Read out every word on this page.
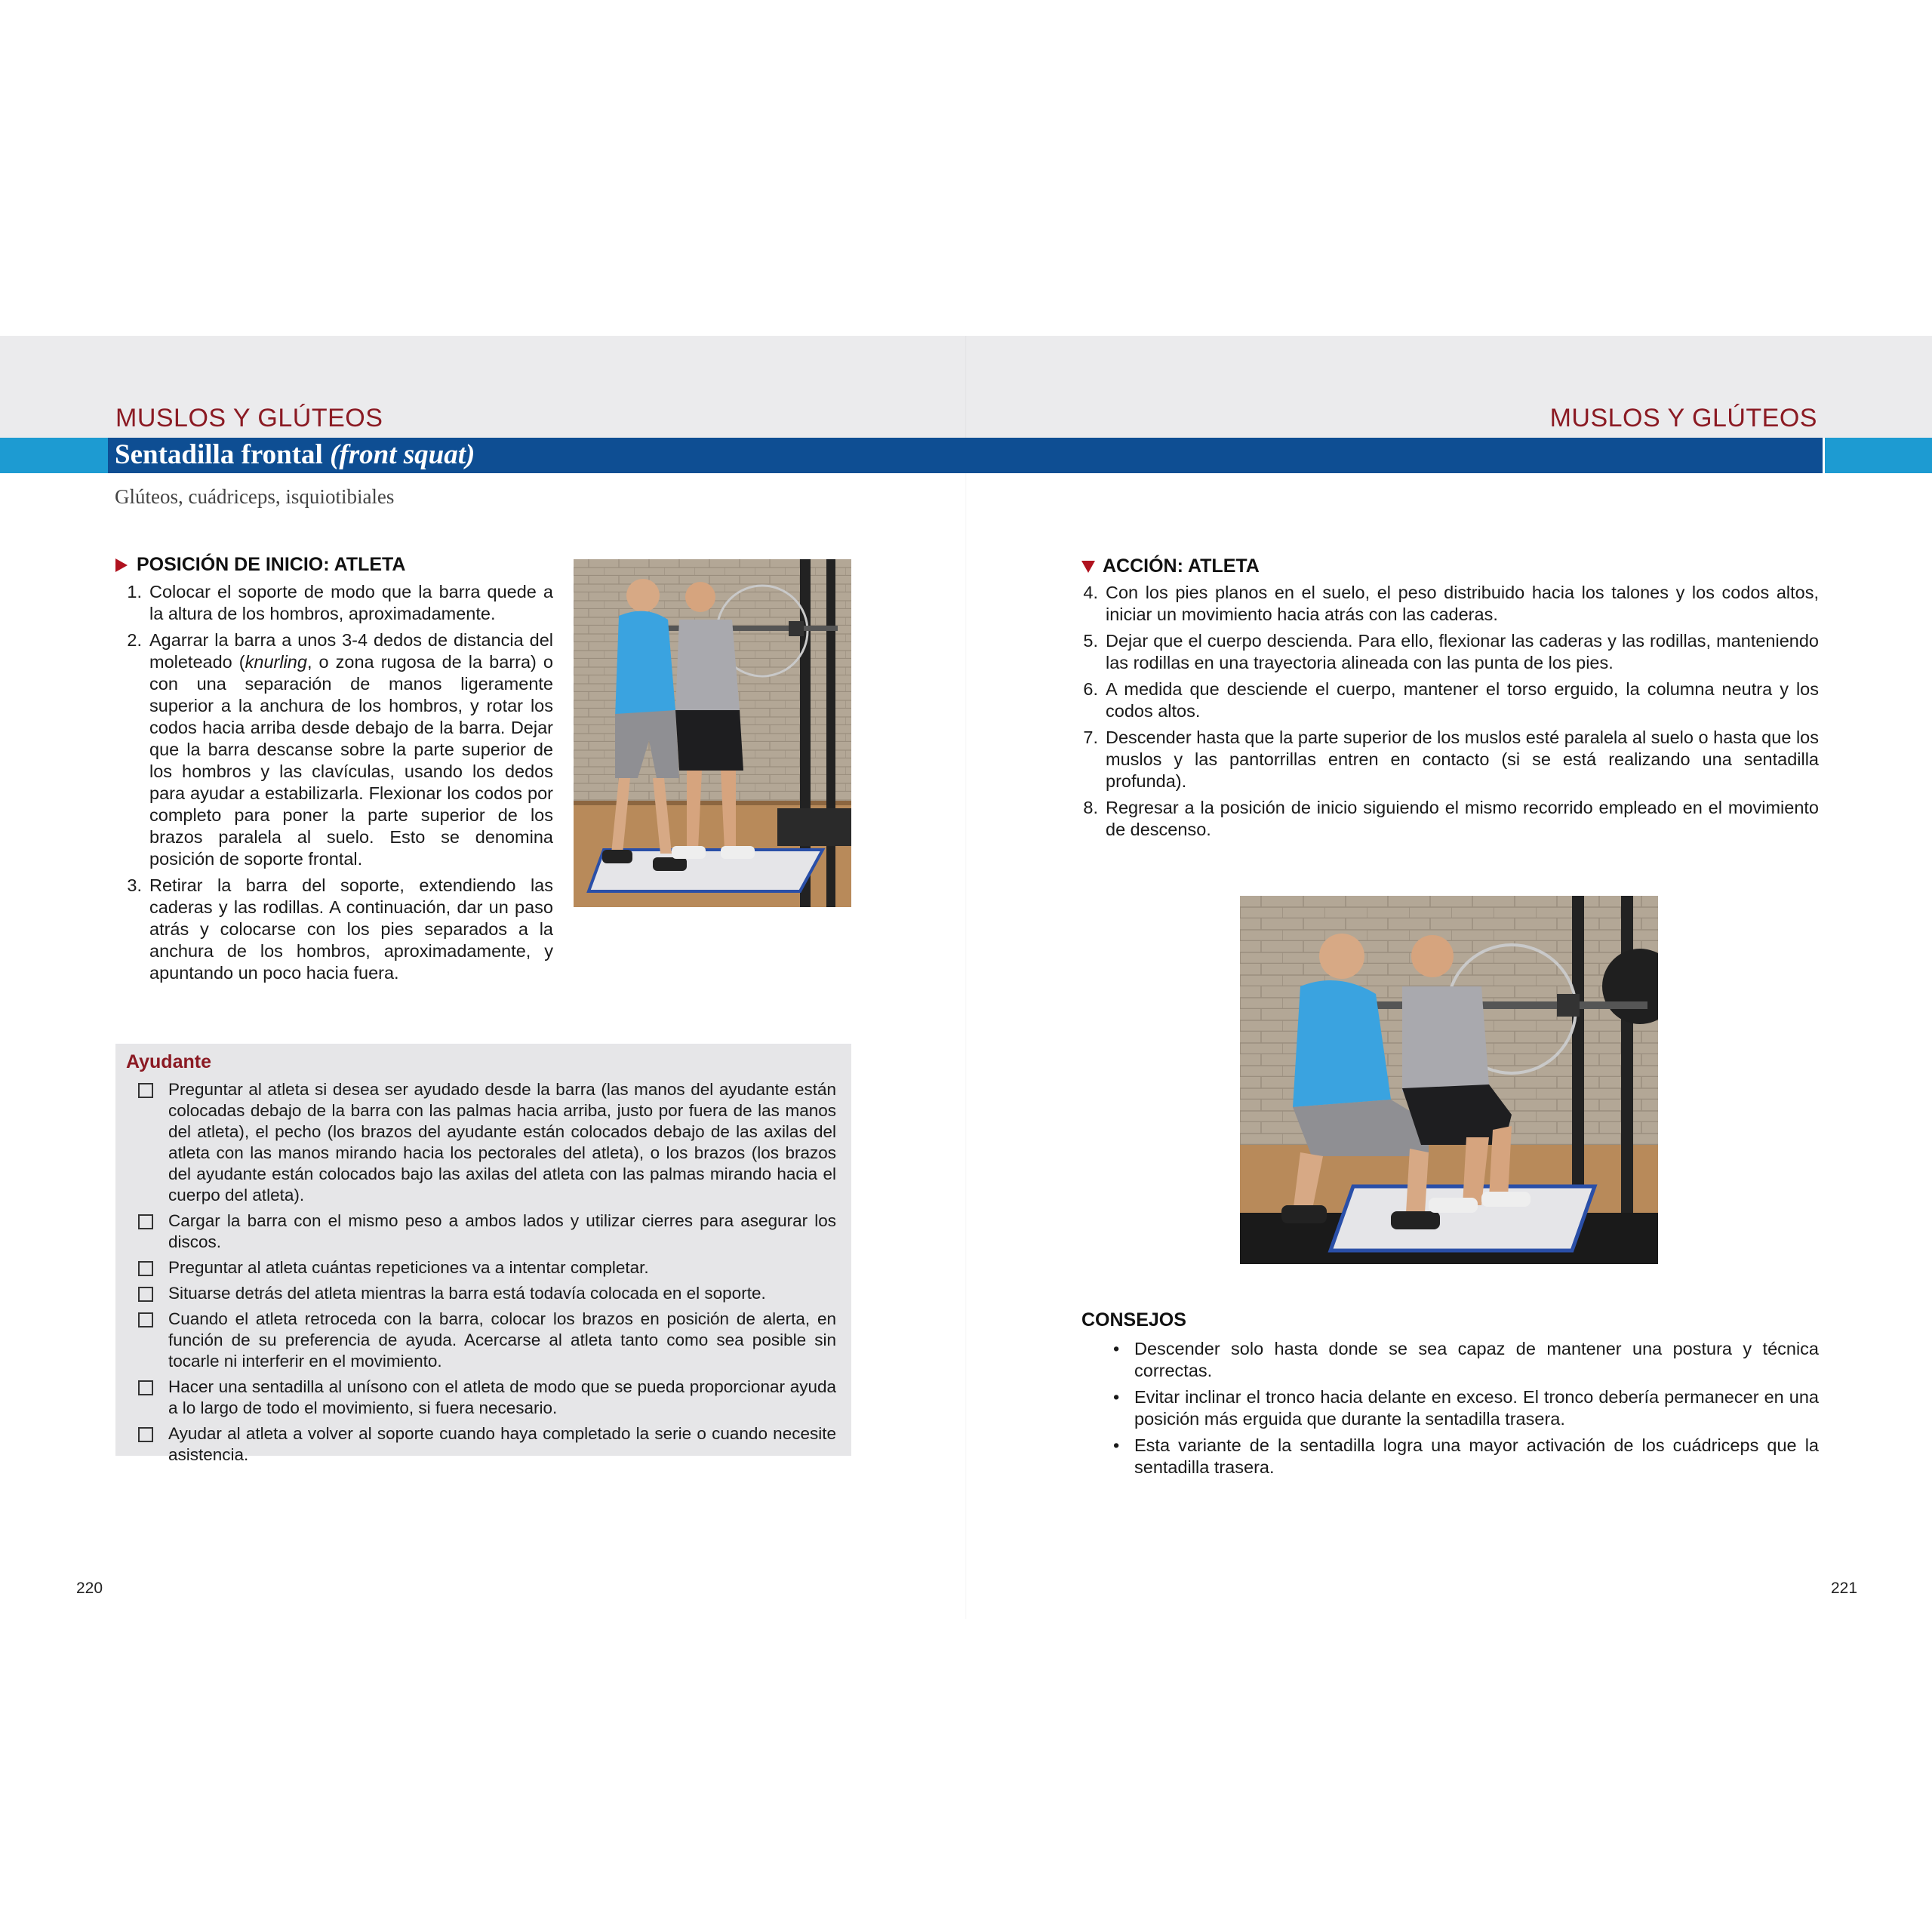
MUSLOS Y GLÚTEOS	MUSLOS Y GLÚTEOS
Sentadilla frontal (front squat)
Glúteos, cuádriceps, isquiotibiales
POSICIÓN DE INICIO: ATLETA
1. Colocar el soporte de modo que la barra quede a la altura de los hombros, aproximadamente.
2. Agarrar la barra a unos 3-4 dedos de distancia del moleteado (knurling, o zona rugosa de la barra) o con una separación de manos ligeramente superior a la anchura de los hombros, y rotar los codos hacia arriba desde debajo de la barra. Dejar que la barra descanse sobre la parte superior de los hombros y las clavículas, usando los dedos para ayudar a estabilizarla. Flexionar los codos por completo para poner la parte superior de los brazos paralela al suelo. Esto se denomina posición de soporte frontal.
3. Retirar la barra del soporte, extendiendo las caderas y las rodillas. A continuación, dar un paso atrás y colocarse con los pies separados a la anchura de los hombros, aproximadamente, y apuntando un poco hacia fuera.
Ayudante
Preguntar al atleta si desea ser ayudado desde la barra (las manos del ayudante están colocadas debajo de la barra con las palmas hacia arriba, justo por fuera de las manos del atleta), el pecho (los brazos del ayudante están colocados debajo de las axilas del atleta con las manos mirando hacia los pectorales del atleta), o los brazos (los brazos del ayudante están colocados bajo las axilas del atleta con las palmas mirando hacia el cuerpo del atleta).
Cargar la barra con el mismo peso a ambos lados y utilizar cierres para asegurar los discos.
Preguntar al atleta cuántas repeticiones va a intentar completar.
Situarse detrás del atleta mientras la barra está todavía colocada en el soporte.
Cuando el atleta retroceda con la barra, colocar los brazos en posición de alerta, en función de su preferencia de ayuda. Acercarse al atleta tanto como sea posible sin tocarle ni interferir en el movimiento.
Hacer una sentadilla al unísono con el atleta de modo que se pueda proporcionar ayuda a lo largo de todo el movimiento, si fuera necesario.
Ayudar al atleta a volver al soporte cuando haya completado la serie o cuando necesite asistencia.
ACCIÓN: ATLETA
4. Con los pies planos en el suelo, el peso distribuido hacia los talones y los codos altos, iniciar un movimiento hacia atrás con las caderas.
5. Dejar que el cuerpo descienda. Para ello, flexionar las caderas y las rodillas, manteniendo las rodillas en una trayectoria alineada con las punta de los pies.
6. A medida que desciende el cuerpo, mantener el torso erguido, la columna neutra y los codos altos.
7. Descender hasta que la parte superior de los muslos esté paralela al suelo o hasta que los muslos y las pantorrillas entren en contacto (si se está realizando una sentadilla profunda).
8. Regresar a la posición de inicio siguiendo el mismo recorrido empleado en el movimiento de descenso.
CONSEJOS
• Descender solo hasta donde se sea capaz de mantener una postura y técnica correctas.
• Evitar inclinar el tronco hacia delante en exceso. El tronco debería permanecer en una posición más erguida que durante la sentadilla trasera.
• Esta variante de la sentadilla logra una mayor activación de los cuádriceps que la sentadilla trasera.
220	221
